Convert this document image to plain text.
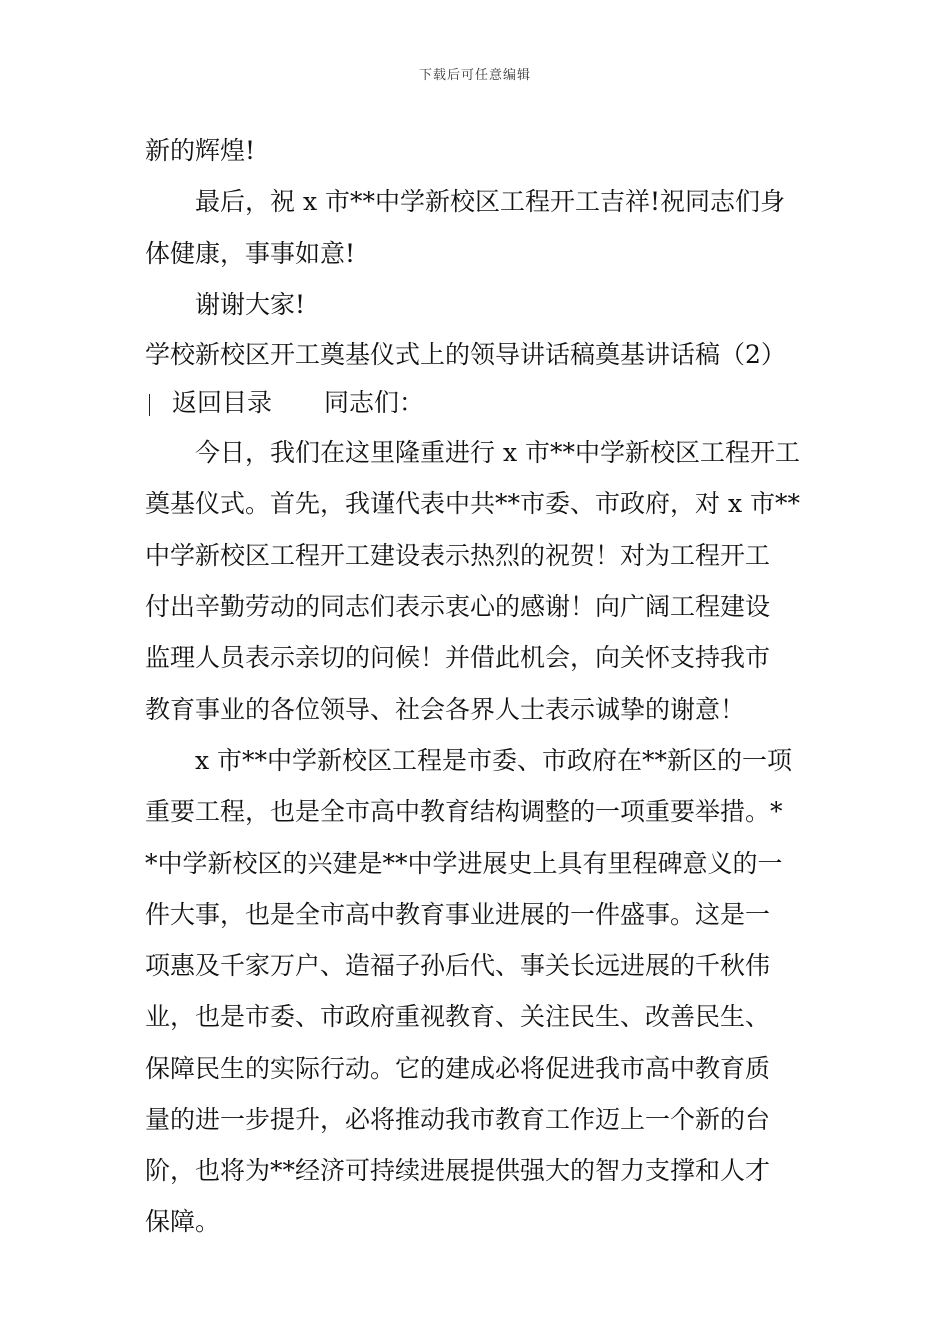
下载后可任意编辑
新的辉煌!
最后，祝 x 市**中学新校区工程开工吉祥!祝同志们身
体健康，事事如意!
谢谢大家!
学校新校区开工奠基仪式上的领导讲话稿奠基讲话稿（2）
返回目录 同志们：
今日，我们在这里隆重进行 x 市**中学新校区工程开工
奠基仪式。首先，我谨代表中共**市委、市政府，对 x 市**
中学新校区工程开工建设表示热烈的祝贺！对为工程开工
付出辛勤劳动的同志们表示衷心的感谢！向广阔工程建设
监理人员表示亲切的问候！并借此机会，向关怀支持我市
教育事业的各位领导、社会各界人士表示诚挚的谢意！
x 市**中学新校区工程是市委、市政府在**新区的一项
重要工程，也是全市高中教育结构调整的一项重要举措。*
*中学新校区的兴建是**中学进展史上具有里程碑意义的一
件大事，也是全市高中教育事业进展的一件盛事。这是一
项惠及千家万户、造福子孙后代、事关长远进展的千秋伟
业，也是市委、市政府重视教育、关注民生、改善民生、
保障民生的实际行动。它的建成必将促进我市高中教育质
量的进一步提升，必将推动我市教育工作迈上一个新的台
阶，也将为**经济可持续进展提供强大的智力支撑和人才
保障。
